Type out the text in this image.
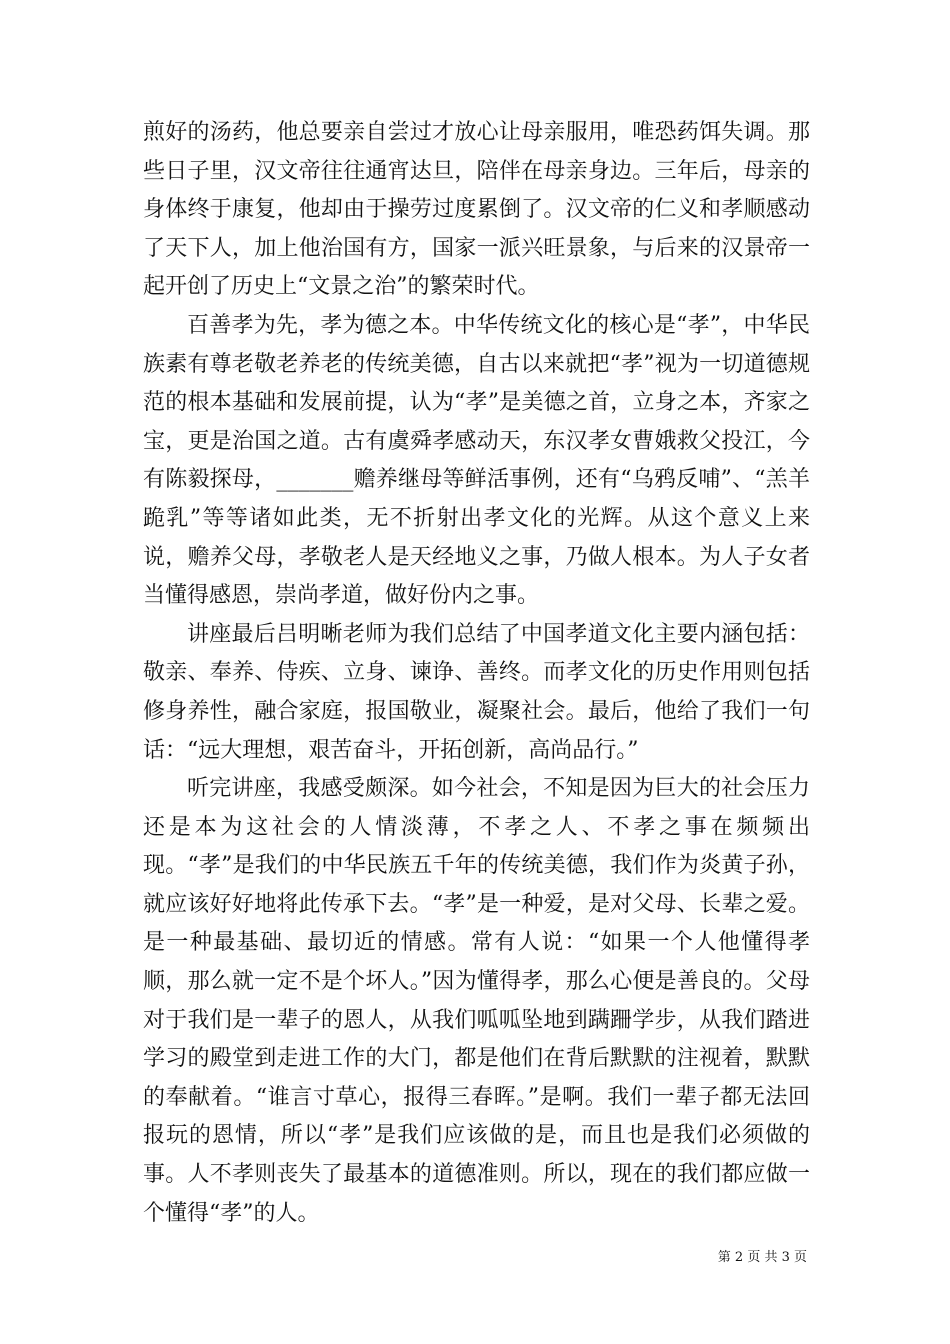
煎好的汤药，他总要亲自尝过才放心让母亲服用，唯恐药饵失调。那些日子里，汉文帝往往通宵达旦，陪伴在母亲身边。三年后，母亲的身体终于康复，他却由于操劳过度累倒了。汉文帝的仁义和孝顺感动了天下人，加上他治国有方，国家一派兴旺景象，与后来的汉景帝一起开创了历史上“文景之治”的繁荣时代。

百善孝为先，孝为德之本。中华传统文化的核心是“孝”，中华民族素有尊老敬老养老的传统美德，自古以来就把“孝”视为一切道德规范的根本基础和发展前提，认为“孝”是美德之首，立身之本，齐家之宝，更是治国之道。古有虞舜孝感动天，东汉孝女曹娥救父投江，今有陈毅探母，_______赡养继母等鲜活事例，还有“乌鸦反哺”、“羔羊跪乳”等等诸如此类，无不折射出孝文化的光辉。从这个意义上来说，赡养父母，孝敬老人是天经地义之事，乃做人根本。为人子女者当懂得感恩，崇尚孝道，做好份内之事。

讲座最后吕明晰老师为我们总结了中国孝道文化主要内涵包括：敬亲、奉养、侍疾、立身、谏诤、善终。而孝文化的历史作用则包括修身养性，融合家庭，报国敬业，凝聚社会。最后，他给了我们一句话：“远大理想，艰苦奋斗，开拓创新，高尚品行。”

听完讲座，我感受颇深。如今社会，不知是因为巨大的社会压力还是本为这社会的人情淡薄，不孝之人、不孝之事在频频出现。“孝”是我们的中华民族五千年的传统美德，我们作为炎黄子孙，就应该好好地将此传承下去。“孝”是一种爱，是对父母、长辈之爱。是一种最基础、最切近的情感。常有人说：“如果一个人他懂得孝顺，那么就一定不是个坏人。”因为懂得孝，那么心便是善良的。父母对于我们是一辈子的恩人，从我们呱呱坠地到蹒跚学步，从我们踏进学习的殿堂到走进工作的大门，都是他们在背后默默的注视着，默默的奉献着。“谁言寸草心，报得三春晖。”是啊。我们一辈子都无法回报玩的恩情，所以“孝”是我们应该做的是，而且也是我们必须做的事。人不孝则丧失了最基本的道德准则。所以，现在的我们都应做一个懂得“孝”的人。

第 2 页 共 3 页
